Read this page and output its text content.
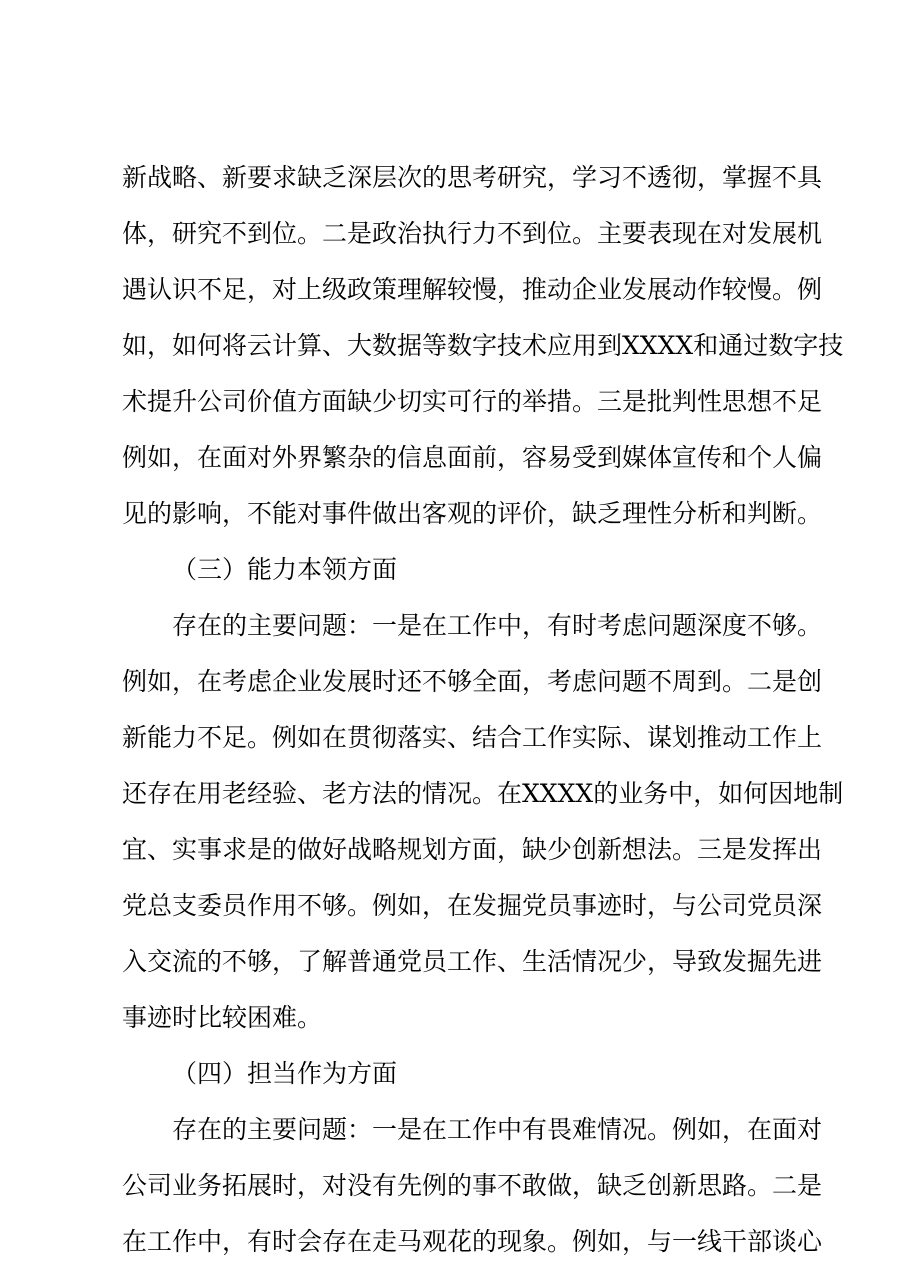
新战略、新要求缺乏深层次的思考研究，学习不透彻，掌握不具
体，研究不到位。二是政治执行力不到位。主要表现在对发展机
遇认识不足，对上级政策理解较慢，推动企业发展动作较慢。例
如，如何将云计算、大数据等数字技术应用到XXXX和通过数字技
术提升公司价值方面缺少切实可行的举措。三是批判性思想不足
例如，在面对外界繁杂的信息面前，容易受到媒体宣传和个人偏
见的影响，不能对事件做出客观的评价，缺乏理性分析和判断。
（三）能力本领方面
存在的主要问题：一是在工作中，有时考虑问题深度不够。
例如，在考虑企业发展时还不够全面，考虑问题不周到。二是创
新能力不足。例如在贯彻落实、结合工作实际、谋划推动工作上
还存在用老经验、老方法的情况。在XXXX的业务中，如何因地制
宜、实事求是的做好战略规划方面，缺少创新想法。三是发挥出
党总支委员作用不够。例如，在发掘党员事迹时，与公司党员深
入交流的不够，了解普通党员工作、生活情况少，导致发掘先进
事迹时比较困难。
（四）担当作为方面
存在的主要问题：一是在工作中有畏难情况。例如，在面对
公司业务拓展时，对没有先例的事不敢做，缺乏创新思路。二是
在工作中，有时会存在走马观花的现象。例如，与一线干部谈心
